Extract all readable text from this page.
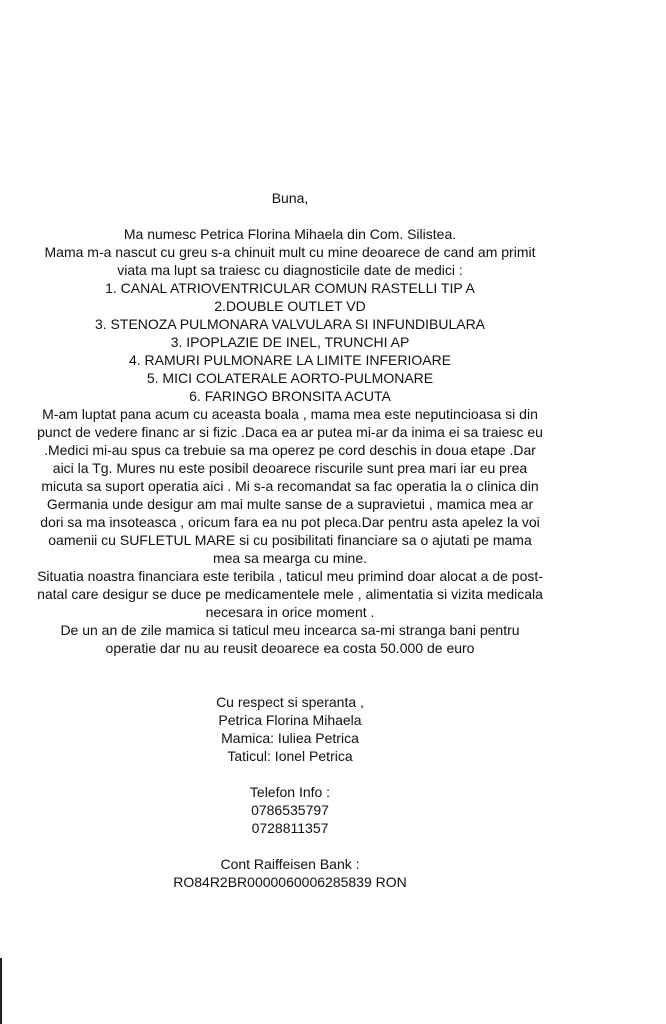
Buna,

Ma numesc Petrica Florina Mihaela din Com. Silistea.

Mama m-a nascut cu greu s-a chinuit mult cu mine deoarece de cand am primit

viata ma lupt sa traiesc cu diagnosticile date de medici :

1. CANAL ATRIOVENTRICULAR COMUN RASTELLI TIP A

2.DOUBLE OUTLET VD

3. STENOZA PULMONARA VALVULARA SI INFUNDIBULARA

3. IPOPLAZIE DE INEL, TRUNCHI AP

4. RAMURI PULMONARE LA LIMITE INFERIOARE

5. MICI COLATERALE AORTO-PULMONARE

6. FARINGO BRONSITA ACUTA

M-am luptat pana acum cu aceasta boala , mama mea este neputincioasa si din

punct de vedere financ ar si fizic .Daca ea ar putea mi-ar da inima ei sa traiesc eu

.Medici mi-au spus ca trebuie sa ma operez pe cord deschis in doua etape .Dar

aici la Tg. Mures nu este posibil deoarece riscurile sunt prea mari iar eu prea

micuta sa suport operatia aici . Mi s-a recomandat sa fac operatia la o clinica din

Germania unde desigur am mai multe sanse de a supravietui , mamica mea ar

dori sa ma insoteasca , oricum fara ea nu pot pleca.Dar pentru asta apelez la voi

oamenii cu SUFLETUL MARE si cu posibilitati financiare sa o ajutati pe mama

mea sa mearga cu mine.

Situatia noastra financiara este teribila , taticul meu primind doar alocat a de post-

natal care desigur se duce pe medicamentele mele , alimentatia si vizita medicala

necesara in orice moment .

De un an de zile mamica si taticul meu incearca sa-mi stranga bani pentru

operatie dar nu au reusit deoarece ea costa 50.000 de euro

Cu respect si speranta ,

Petrica Florina Mihaela

Mamica: Iuliea Petrica

Taticul: Ionel Petrica

Telefon Info :

0786535797

0728811357

Cont Raiffeisen Bank :

RO84R2BR0000060006285839 RON
